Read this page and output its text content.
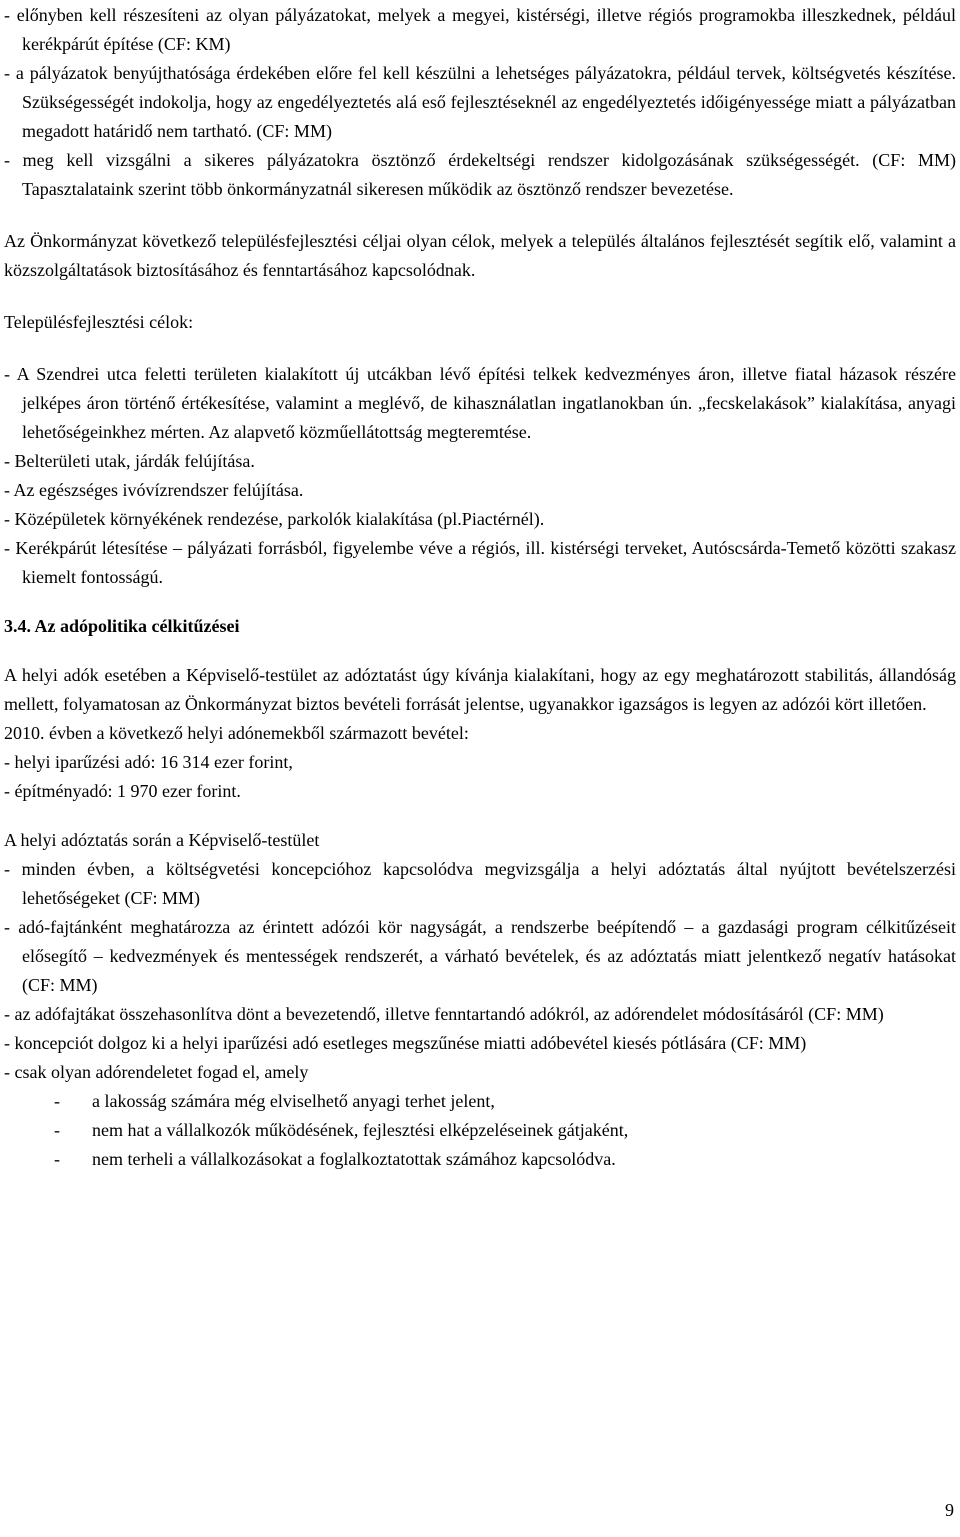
- előnyben kell részesíteni az olyan pályázatokat, melyek a megyei, kistérségi, illetve régiós programokba illeszkednek, például kerékpárút építése (CF: KM)

- a pályázatok benyújthatósága érdekében előre fel kell készülni a lehetséges pályázatokra, például tervek, költségvetés készítése. Szükségességét indokolja, hogy az engedélyeztetés alá eső fejlesztéseknél az engedélyeztetés időigényessége miatt a pályázatban megadott határidő nem tartható. (CF: MM)

- meg kell vizsgálni a sikeres pályázatokra ösztönző érdekeltségi rendszer kidolgozásának szükségességét. (CF: MM) Tapasztalataink szerint több önkormányzatnál sikeresen működik az ösztönző rendszer bevezetése.

Az Önkormányzat következő településfejlesztési céljai olyan célok, melyek a település általános fejlesztését segítik elő, valamint a közszolgáltatások biztosításához és fenntartásához kapcsolódnak.

Településfejlesztési célok:

- A Szendrei utca feletti területen kialakított új utcákban lévő építési telkek kedvezményes áron, illetve fiatal házasok részére jelképes áron történő értékesítése, valamint a meglévő, de kihasználatlan ingatlanokban ún. „fecskelakások” kialakítása, anyagi lehetőségeinkhez mérten. Az alapvető közműellátottság megteremtése.

- Belterületi utak, járdák felújítása.

- Az egészséges ivóvízrendszer felújítása.

- Középületek környékének rendezése, parkolók kialakítása (pl.Piactérnél).

- Kerékpárút létesítése – pályázati forrásból, figyelembe véve a régiós, ill. kistérségi terveket, Autóscsárda-Temető közötti szakasz kiemelt fontosságú.

3.4. Az adópolitika célkitűzései

A helyi adók esetében a Képviselő-testület az adóztatást úgy kívánja kialakítani, hogy az egy meghatározott stabilitás, állandóság mellett, folyamatosan az Önkormányzat biztos bevételi forrását jelentse, ugyanakkor igazságos is legyen az adózói kört illetően.

2010. évben a következő helyi adónemekből származott bevétel:

- helyi iparűzési adó: 16 314 ezer forint,

- építményadó: 1 970 ezer forint.

A helyi adóztatás során a Képviselő-testület

- minden évben, a költségvetési koncepcióhoz kapcsolódva megvizsgálja a helyi adóztatás által nyújtott bevételszerzési lehetőségeket (CF: MM)

- adó-fajtánként meghatározza az érintett adózói kör nagyságát, a rendszerbe beépítendő – a gazdasági program célkitűzéseit elősegítő – kedvezmények és mentességek rendszerét, a várható bevételek, és az adóztatás miatt jelentkező negatív hatásokat (CF: MM)

- az adófajtákat összehasonlítva dönt a bevezetendő, illetve fenntartandó adókról, az adórendelet módosításáról (CF: MM)

- koncepciót dolgoz ki a helyi iparűzési adó esetleges megszűnése miatti adóbevétel kiesés pótlására (CF: MM)

- csak olyan adórendeletet fogad el, amely

- a lakosság számára még elviselhető anyagi terhet jelent,

- nem hat a vállalkozók működésének, fejlesztési elképzeléseinek gátjaként,

- nem terheli a vállalkozásokat a foglalkoztatottak számához kapcsolódva.

9
